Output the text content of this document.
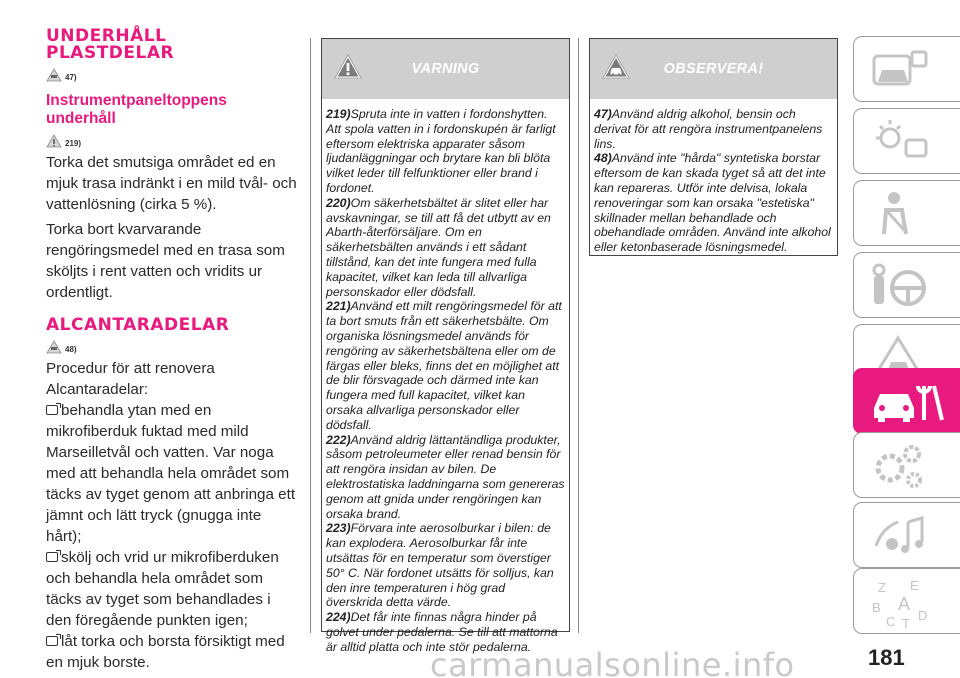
UNDERHÅLL
PLASTDELAR
47)
Instrumentpaneltoppens underhåll
219)
Torka det smutsiga området ed en mjuk trasa indränkt i en mild tvål- och vattenlösning (cirka 5 %).
Torka bort kvarvarande rengöringsmedel med en trasa som sköljts i rent vatten och vridits ur ordentligt.
ALCANTARADELAR
48)
Procedur för att renovera Alcantaradelar:
behandla ytan med en mikrofiberduk fuktad med mild Marseilletvål och vatten. Var noga med att behandla hela området som täcks av tyget genom att anbringa ett jämnt och lätt tryck (gnugga inte hårt);
skölj och vrid ur mikrofiberduken och behandla hela området som täcks av tyget som behandlades i den föregående punkten igen;
låt torka och borsta försiktigt med en mjuk borste.
VARNING
219)Spruta inte in vatten i fordonshytten. Att spola vatten in i fordonskupén är farligt eftersom elektriska apparater såsom ljudanläggningar och brytare kan bli blöta vilket leder till felfunktioner eller brand i fordonet.
220)Om säkerhetsbältet är slitet eller har avskavningar, se till att få det utbytt av en Abarth-återförsäljare. Om en säkerhetsbälten används i ett sådant tillstånd, kan det inte fungera med fulla kapacitet, vilket kan leda till allvarliga personskador eller dödsfall.
221)Använd ett milt rengöringsmedel för att ta bort smuts från ett säkerhetsbälte. Om organiska lösningsmedel används för rengöring av säkerhetsbältena eller om de färgas eller bleks, finns det en möjlighet att de blir försvagade och därmed inte kan fungera med full kapacitet, vilket kan orsaka allvarliga personskador eller dödsfall.
222)Använd aldrig lättantändliga produkter, såsom petroleumeter eller renad bensin för att rengöra insidan av bilen. De elektrostatiska laddningarna som genereras genom att gnida under rengöringen kan orsaka brand.
223)Förvara inte aerosolburkar i bilen: de kan explodera. Aerosolburkar får inte utsättas för en temperatur som överstiger 50° C. När fordonet utsätts för solljus, kan den inre temperaturen i hög grad överskrida detta värde.
224)Det får inte finnas några hinder på golvet under pedalerna. Se till att mattorna är alltid platta och inte stör pedalerna.
OBSERVERA!
47)Använd aldrig alkohol, bensin och derivat för att rengöra instrumentpanelens lins.
48)Använd inte "hårda" syntetiska borstar eftersom de kan skada tyget så att det inte kan repareras. Utför inte delvisa, lokala renoveringar som kan orsaka "estetiska" skillnader mellan behandlade och obehandlade områden. Använd inte alkohol eller ketonbaserade lösningsmedel.
Z E
B A
C T
D
carmanualsonline.info	181
